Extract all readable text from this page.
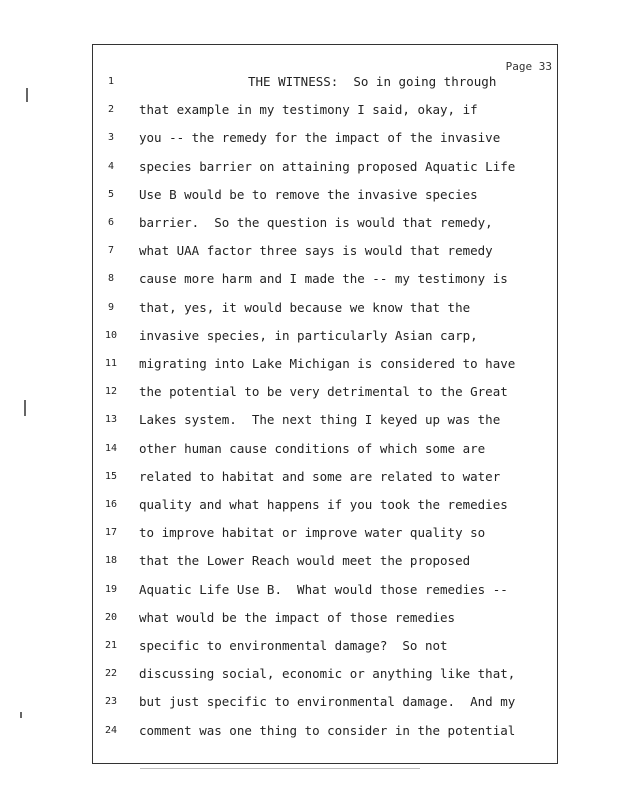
Page 33
1	THE WITNESS:  So in going through
2	that example in my testimony I said, okay, if
3	you -- the remedy for the impact of the invasive
4	species barrier on attaining proposed Aquatic Life
5	Use B would be to remove the invasive species
6	barrier.  So the question is would that remedy,
7	what UAA factor three says is would that remedy
8	cause more harm and I made the -- my testimony is
9	that, yes, it would because we know that the
10 invasive species, in particularly Asian carp,
11 migrating into Lake Michigan is considered to have
12 the potential to be very detrimental to the Great
13 Lakes system.  The next thing I keyed up was the
14 other human cause conditions of which some are
15 related to habitat and some are related to water
16 quality and what happens if you took the remedies
17 to improve habitat or improve water quality so
18 that the Lower Reach would meet the proposed
19 Aquatic Life Use B.  What would those remedies --
20 what would be the impact of those remedies
21 specific to environmental damage?  So not
22 discussing social, economic or anything like that,
23 but just specific to environmental damage.  And my
24 comment was one thing to consider in the potential
